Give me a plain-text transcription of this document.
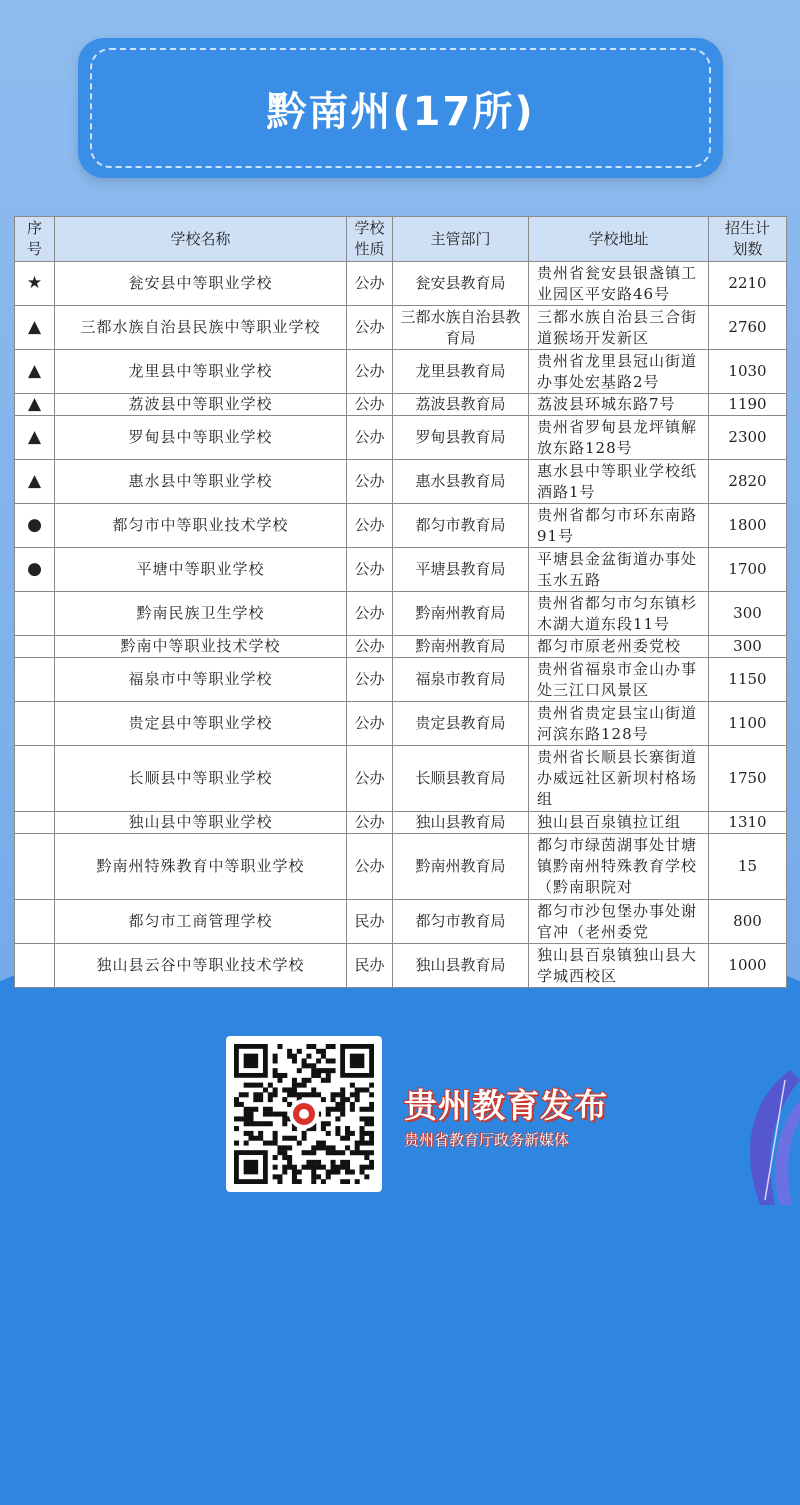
黔南州(17所)
序号	学校名称	学校性质	主管部门	学校地址	招生计划数
★	瓮安县中等职业学校	公办	瓮安县教育局	贵州省瓮安县银盏镇工业园区平安路46号	2210
▲	三都水族自治县民族中等职业学校	公办	三都水族自治县教育局	三都水族自治县三合街道猴场开发新区	2760
▲	龙里县中等职业学校	公办	龙里县教育局	贵州省龙里县冠山街道办事处宏基路2号	1030
▲	荔波县中等职业学校	公办	荔波县教育局	荔波县环城东路7号	1190
▲	罗甸县中等职业学校	公办	罗甸县教育局	贵州省罗甸县龙坪镇解放东路128号	2300
▲	惠水县中等职业学校	公办	惠水县教育局	惠水县中等职业学校纸酒路1号	2820
●	都匀市中等职业技术学校	公办	都匀市教育局	贵州省都匀市环东南路91号	1800
●	平塘中等职业学校	公办	平塘县教育局	平塘县金盆街道办事处玉水五路	1700
	黔南民族卫生学校	公办	黔南州教育局	贵州省都匀市匀东镇杉木湖大道东段11号	300
	黔南中等职业技术学校	公办	黔南州教育局	都匀市原老州委党校	300
	福泉市中等职业学校	公办	福泉市教育局	贵州省福泉市金山办事处三江口风景区	1150
	贵定县中等职业学校	公办	贵定县教育局	贵州省贵定县宝山街道河滨东路128号	1100
	长顺县中等职业学校	公办	长顺县教育局	贵州省长顺县长寨街道办威远社区新坝村格场组	1750
	独山县中等职业学校	公办	独山县教育局	独山县百泉镇拉讧组	1310
	黔南州特殊教育中等职业学校	公办	黔南州教育局	都匀市绿茵湖事处甘塘镇黔南州特殊教育学校（黔南职院对	15
	都匀市工商管理学校	民办	都匀市教育局	都匀市沙包堡办事处谢官冲（老州委党	800
	独山县云谷中等职业技术学校	民办	独山县教育局	独山县百泉镇独山县大学城西校区	1000
贵州教育发布
贵州省教育厅政务新媒体
